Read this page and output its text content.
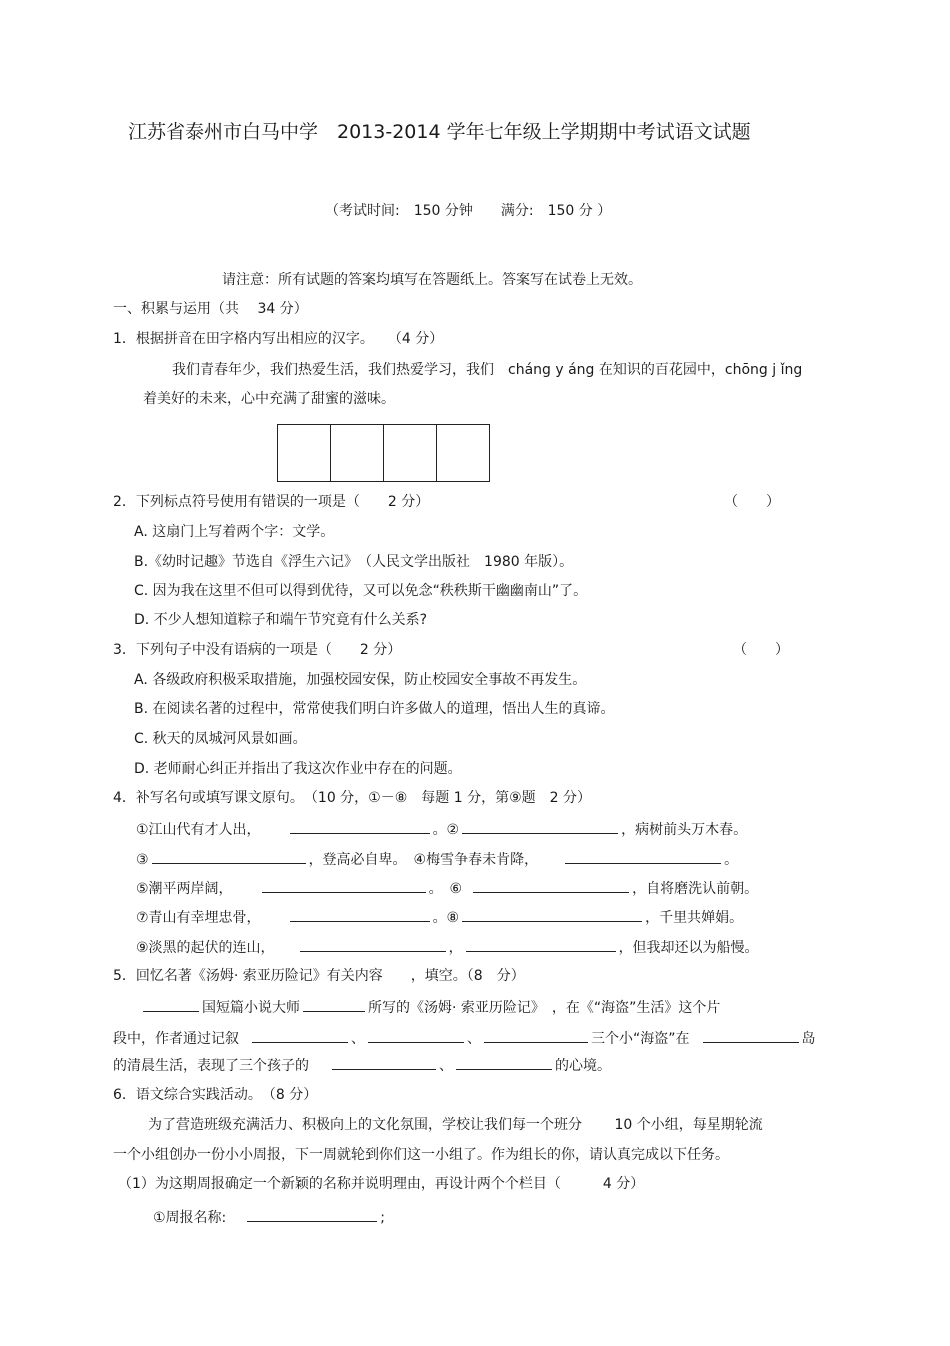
江苏省泰州市白马中学　2013-2014 学年七年级上学期期中考试语文试题
（考试时间:　150 分钟　　满分:　150 分 ）
请注意：所有试题的答案均填写在答题纸上。答案写在试卷上无效。
一、积累与运用（共　 34 分）
1．根据拼音在田字格内写出相应的汉字。　　（4 分）
我们青春年少，我们热爱生活，我们热爱学习，我们　cháng y áng 在知识的百花园中，chōng j ǐng
着美好的未来，心中充满了甜蜜的滋味。
2．下列标点符号使用有错误的一项是（　　2 分）	（　　）
A. 这扇门上写着两个字：文学。
B.《幼时记趣》节选自《浮生六记》　（人民文学出版社　1980 年版）。
C. 因为我在这里不但可以得到优待，又可以免念“秩秩斯干幽幽南山”了。
D. 不少人想知道粽子和端午节究竟有什么关系?
3．下列句子中没有语病的一项是（　　2 分）	（　　）
A. 各级政府积极采取措施，加强校园安保，防止校园安全事故不再发生。
B. 在阅读名著的过程中，常常使我们明白许多做人的道理，悟出人生的真谛。
C. 秋天的凤城河风景如画。
D. 老师耐心纠正并指出了我这次作业中存在的问题。
4．补写名句或填写课文原句。　（10 分，①－⑧　每题 1 分，第⑨题　2 分）
①江山代有才人出，	。②	，病树前头万木春。
③	，登高必自卑。　④梅雪争春未肯降，	。
⑤潮平两岸阔，	。　⑥	，自将磨洗认前朝。
⑦青山有幸埋忠骨，	。⑧	，千里共婵娟。
⑨淡黑的起伏的连山，	，	，但我却还以为船慢。
5．回忆名著《汤姆· 索亚历险记》有关内容　　，填空。（8　分）
国短篇小说大师	所写的《汤姆· 索亚历险记》　，在《“海盗”生活》这个片
段中，作者通过记叙	、	、	三个小“海盗”在	岛
的清晨生活，表现了三个孩子的	、	的心境。
6．语文综合实践活动。　（8 分）
为了营造班级充满活力、积极向上的文化氛围，学校让我们每一个班分　　 10 个小组，每星期轮流
一个小组创办一份小小周报，下一周就轮到你们这一小组了。作为组长的你，请认真完成以下任务。
（1）为这期周报确定一个新颖的名称并说明理由，再设计两个个栏目（　　　4 分）
①周报名称:	;
